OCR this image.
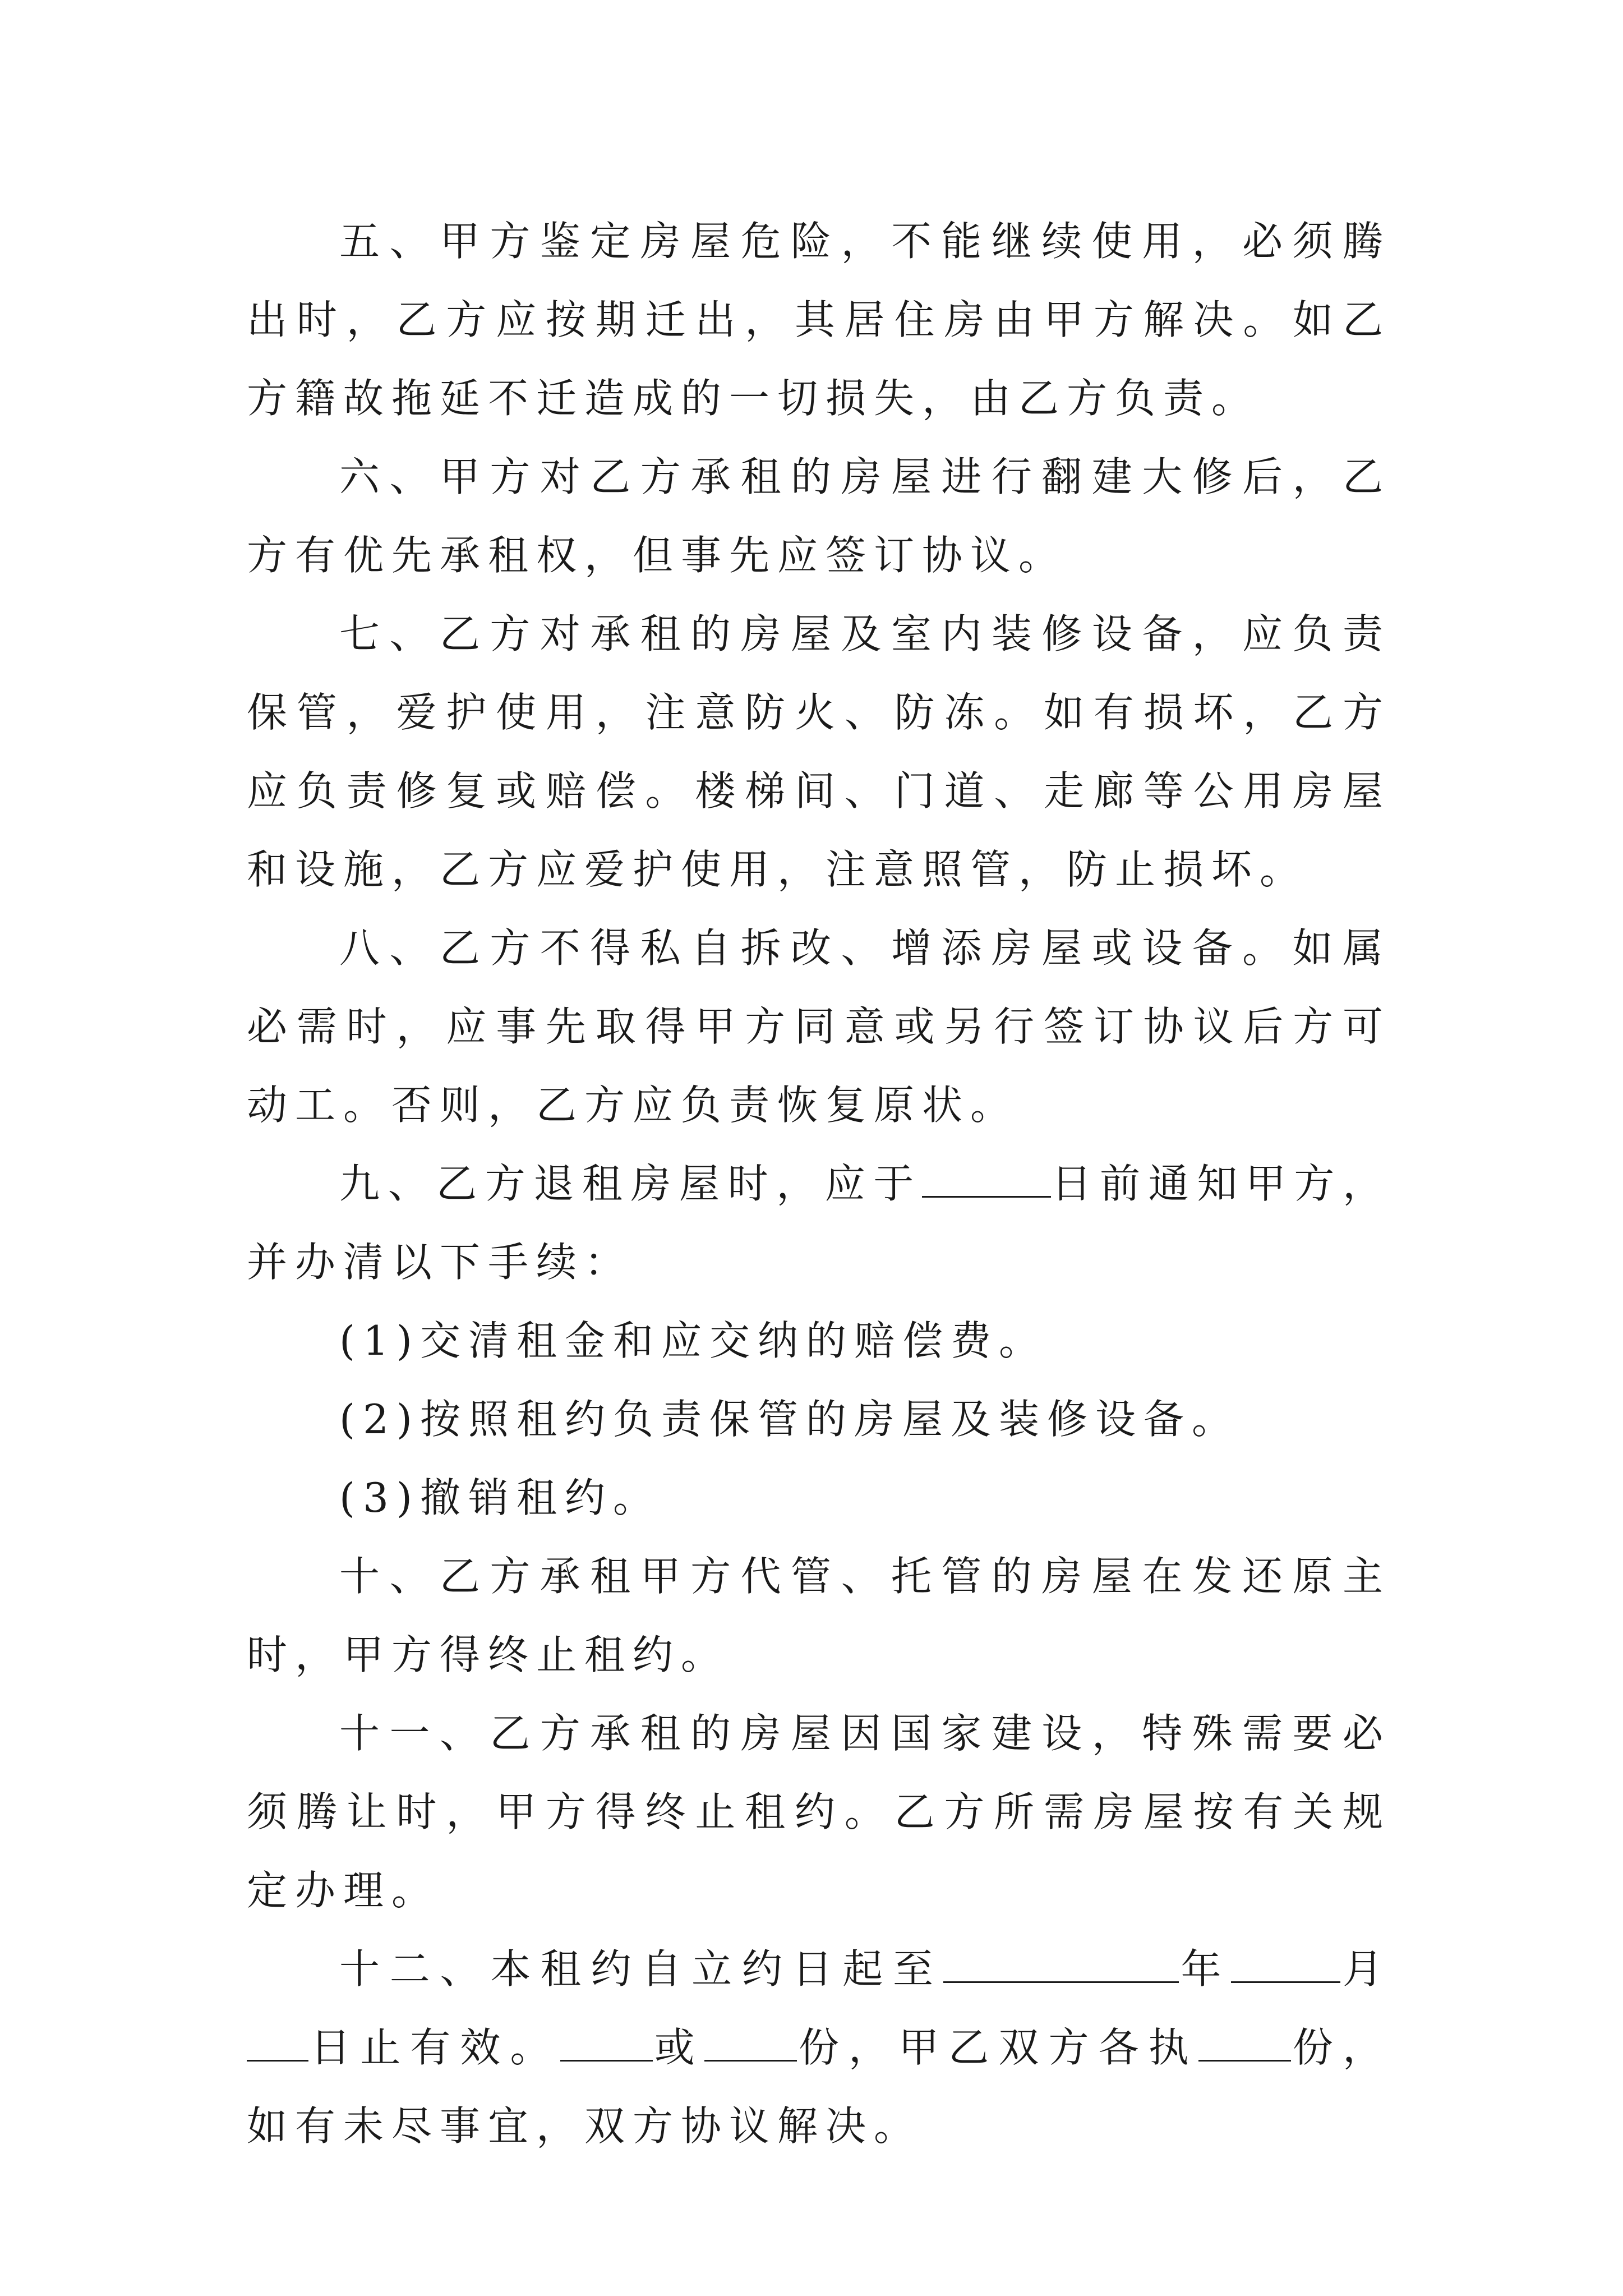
五、甲方鉴定房屋危险，不能继续使用，必须腾出时，乙方应按期迁出，其居住房由甲方解决。如乙方籍故拖延不迁造成的一切损失，由乙方负责。

六、甲方对乙方承租的房屋进行翻建大修后，乙方有优先承租权，但事先应签订协议。

七、乙方对承租的房屋及室内装修设备，应负责保管，爱护使用，注意防火、防冻。如有损坏，乙方应负责修复或赔偿。楼梯间、门道、走廊等公用房屋和设施，乙方应爱护使用，注意照管，防止损坏。

八、乙方不得私自拆改、增添房屋或设备。如属必需时，应事先取得甲方同意或另行签订协议后方可动工。否则，乙方应负责恢复原状。

九、乙方退租房屋时，应于	日前通知甲方，并办清以下手续：

(1)交清租金和应交纳的赔偿费。

(2)按照租约负责保管的房屋及装修设备。

(3)撤销租约。

十、乙方承租甲方代管、托管的房屋在发还原主时，甲方得终止租约。

十一、乙方承租的房屋因国家建设，特殊需要必须腾让时，甲方得终止租约。乙方所需房屋按有关规定办理。

十二、本租约自立约日起至	年	月日止有效。 或 份，甲乙双方各执 份，如有未尽事宜，双方协议解决。
